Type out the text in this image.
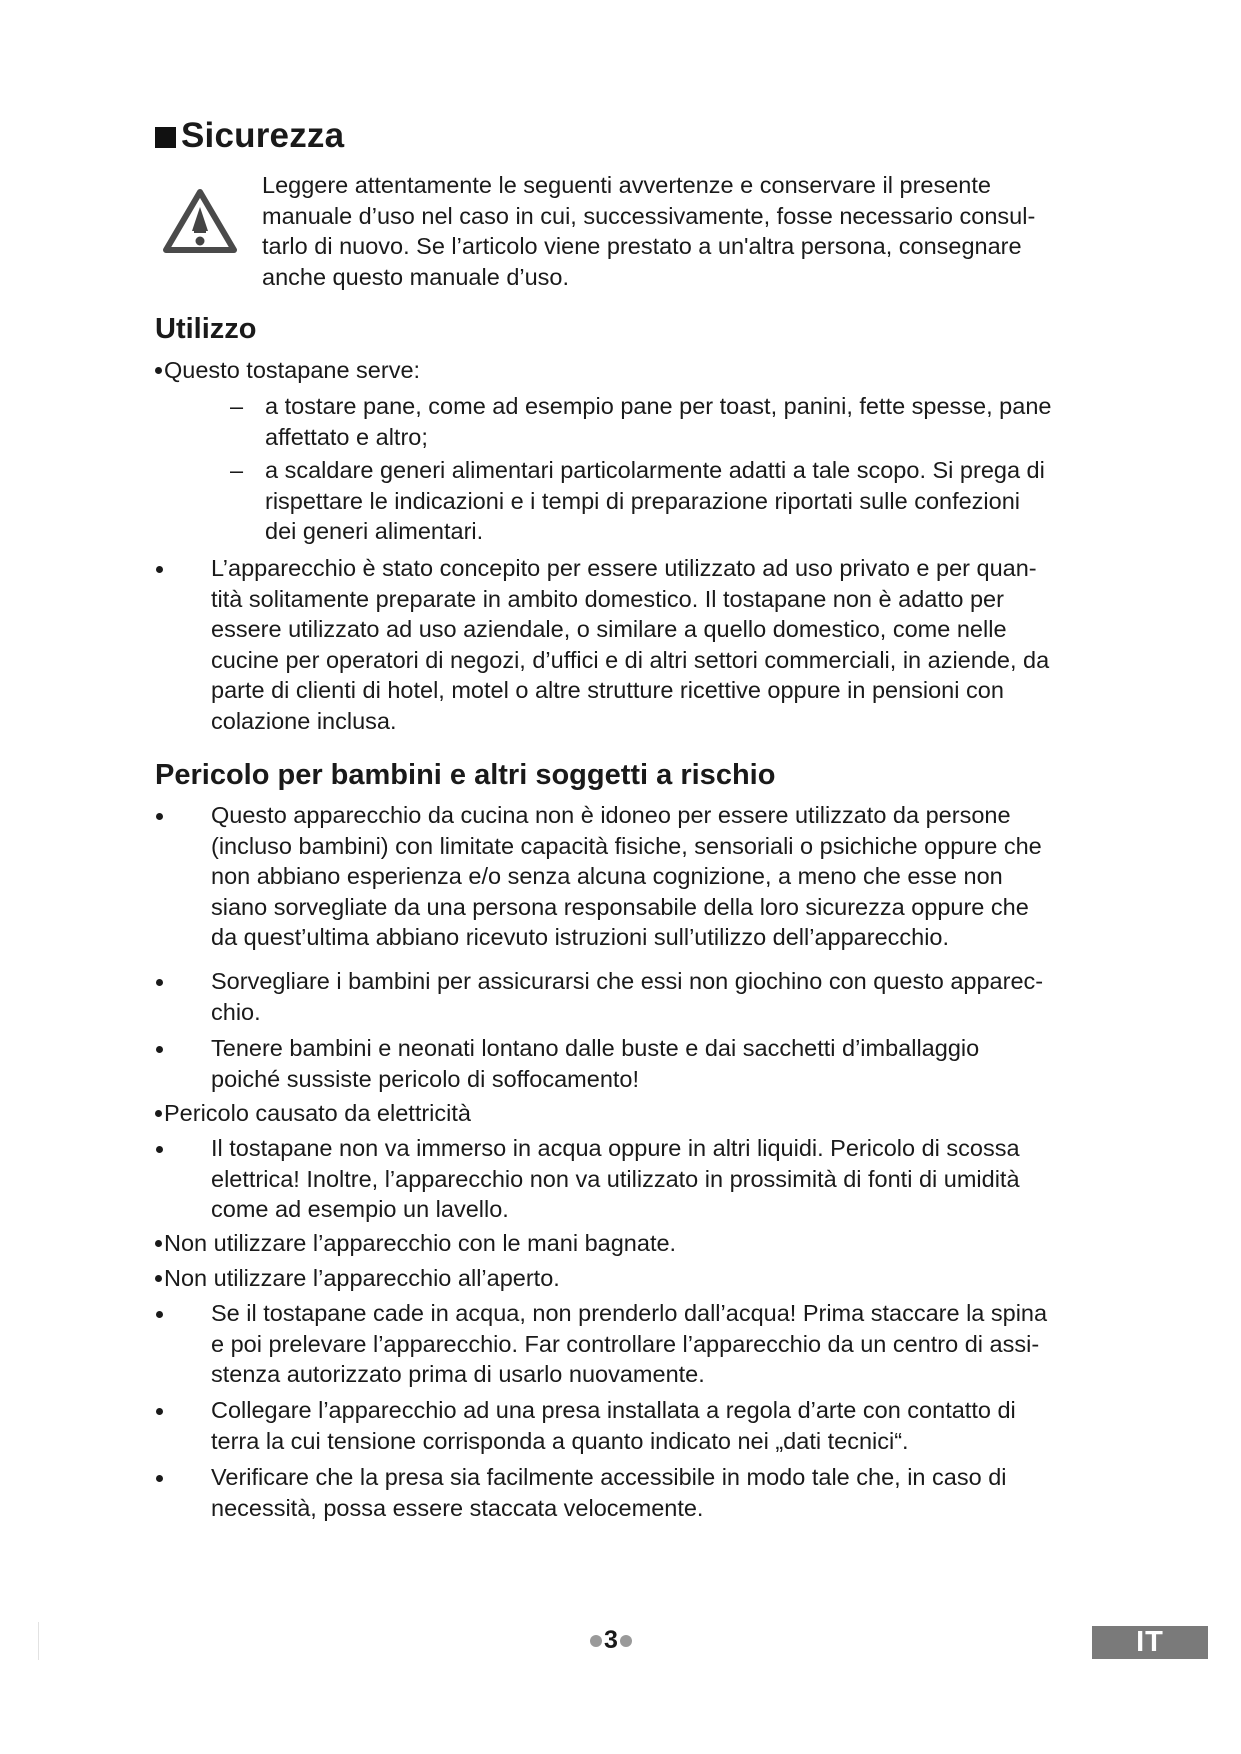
Sicurezza
Leggere attentamente le seguenti avvertenze e conservare il presente
manuale d’uso nel caso in cui, successivamente, fosse necessario consul-
tarlo di nuovo. Se l’articolo viene prestato a un'altra persona, consegnare
anche questo manuale d’uso.
Utilizzo
Questo tostapane serve:
– a tostare pane, come ad esempio pane per toast, panini, fette spesse, pane
affettato e altro;
– a scaldare generi alimentari particolarmente adatti a tale scopo. Si prega di
rispettare le indicazioni e i tempi di preparazione riportati sulle confezioni
dei generi alimentari.
L’apparecchio è stato concepito per essere utilizzato ad uso privato e per quan-
tità solitamente preparate in ambito domestico. Il tostapane non è adatto per
essere utilizzato ad uso aziendale, o similare a quello domestico, come nelle
cucine per operatori di negozi, d’uffici e di altri settori commerciali, in aziende, da
parte di clienti di hotel, motel o altre strutture ricettive oppure in pensioni con
colazione inclusa.
Pericolo per bambini e altri soggetti a rischio
Questo apparecchio da cucina non è idoneo per essere utilizzato da persone
(incluso bambini) con limitate capacità fisiche, sensoriali o psichiche oppure che
non abbiano esperienza e/o senza alcuna cognizione, a meno che esse non
siano sorvegliate da una persona responsabile della loro sicurezza oppure che
da quest’ultima abbiano ricevuto istruzioni sull’utilizzo dell’apparecchio.
Sorvegliare i bambini per assicurarsi che essi non giochino con questo apparec-
chio.
Tenere bambini e neonati lontano dalle buste e dai sacchetti d’imballaggio
poiché sussiste pericolo di soffocamento!
Pericolo causato da elettricità
Il tostapane non va immerso in acqua oppure in altri liquidi. Pericolo di scossa
elettrica! Inoltre, l’apparecchio non va utilizzato in prossimità di fonti di umidità
come ad esempio un lavello.
Non utilizzare l’apparecchio con le mani bagnate.
Non utilizzare l’apparecchio all’aperto.
Se il tostapane cade in acqua, non prenderlo dall’acqua! Prima staccare la spina
e poi prelevare l’apparecchio. Far controllare l’apparecchio da un centro di assi-
stenza autorizzato prima di usarlo nuovamente.
Collegare l’apparecchio ad una presa installata a regola d’arte con contatto di
terra la cui tensione corrisponda a quanto indicato nei „dati tecnici“.
Verificare che la presa sia facilmente accessibile in modo tale che, in caso di
necessità, possa essere staccata velocemente.
3	IT
